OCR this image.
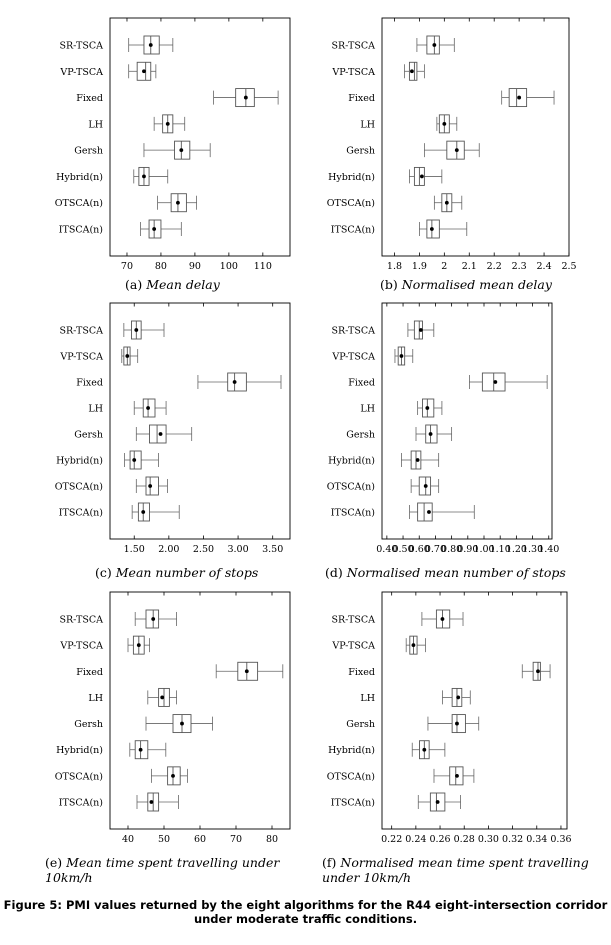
SR-TSCA
VP-TSCA
Fixed
LH
Gersh
Hybrid(n)
OTSCA(n)
ITSCA(n)
70 80 90 100 110
SR-TSCA
VP-TSCA
Fixed
LH
Gersh
Hybrid(n)
OTSCA(n)
ITSCA(n)
1.8 1.9 2 2.1 2.2 2.3 2.4 2.5
SR-TSCA
VP-TSCA
Fixed
LH
Gersh
Hybrid(n)
OTSCA(n)
ITSCA(n)
1.50 2.00 2.50 3.00 3.50
SR-TSCA
VP-TSCA
Fixed
LH
Gersh
Hybrid(n)
OTSCA(n)
ITSCA(n)
0.40
0.50
0.60
0.70
0.80
0.90
1.00
1.10
1.20
1.30
1.40
SR-TSCA
VP-TSCA
Fixed
LH
Gersh
Hybrid(n)
OTSCA(n)
ITSCA(n)
40	50	60	70	80
SR-TSCA
VP-TSCA
Fixed
LH
Gersh
Hybrid(n)
OTSCA(n)
ITSCA(n)
0.22 0.24 0.26 0.28 0.30 0.32 0.34 0.36
(a) Mean delay	(b) Normalised mean delay
(c) Mean number of stops	(d) Normalised mean number of stops
(e) Mean time spent travelling under 10km/h
(f) Normalised mean time spent travelling under 10km/h
Figure 5: PMI values returned by the eight algorithms for the R44 eight-intersection corridor under moderate traffic conditions.
